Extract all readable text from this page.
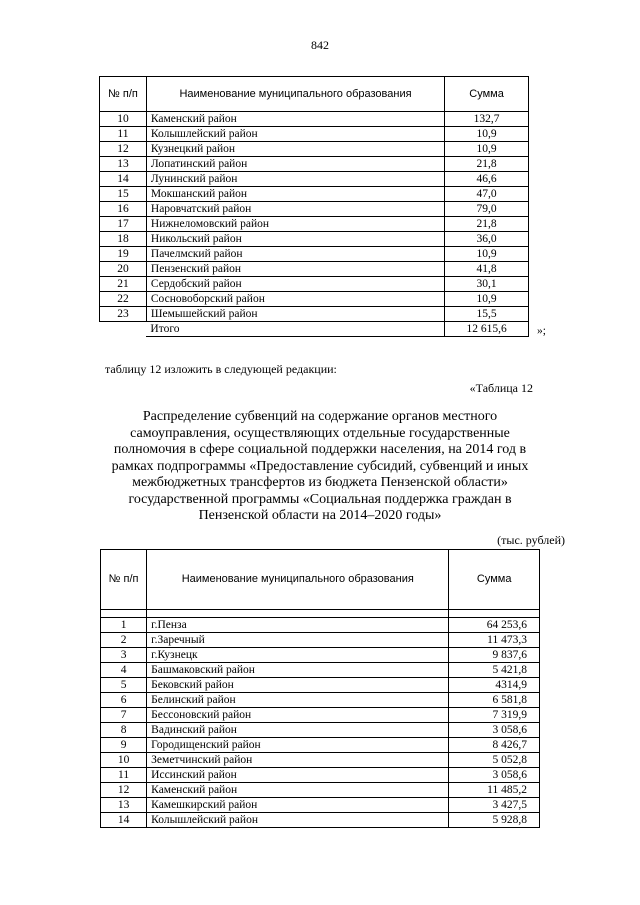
842
№ п/п	Наименование муниципального образования	Сумма
10	Каменский район	132,7
11	Колышлейский район	10,9
12	Кузнецкий район	10,9
13	Лопатинский район	21,8
14	Лунинский район	46,6
15	Мокшанский район	47,0
16	Наровчатский район	79,0
17	Нижнеломовский район	21,8
18	Никольский район	36,0
19	Пачелмский район	10,9
20	Пензенский район	41,8
21	Сердобский район	30,1
22	Сосновоборский район	10,9
23	Шемышейский район	15,5
	Итого	12 615,6	»;
таблицу 12 изложить в следующей редакции:
«Таблица 12
Распределение субвенций на содержание органов местного самоуправления, осуществляющих отдельные государственные полномочия в сфере социальной поддержки населения, на 2014 год в рамках подпрограммы «Предоставление субсидий, субвенций и иных межбюджетных трансфертов из бюджета Пензенской области» государственной программы «Социальная поддержка граждан в Пензенской области на 2014–2020 годы»
(тыс. рублей)
№ п/п	Наименование муниципального образования	Сумма

1	г.Пенза	64 253,6
2	г.Заречный	11 473,3
3	г.Кузнецк	9 837,6
4	Башмаковский район	5 421,8
5	Бековский район	4314,9
6	Белинский район	6 581,8
7	Бессоновский район	7 319,9
8	Вадинский район	3 058,6
9	Городищенский район	8 426,7
10	Земетчинский район	5 052,8
11	Иссинский район	3 058,6
12	Каменский район	11 485,2
13	Камешкирский район	3 427,5
14	Колышлейский район	5 928,8
